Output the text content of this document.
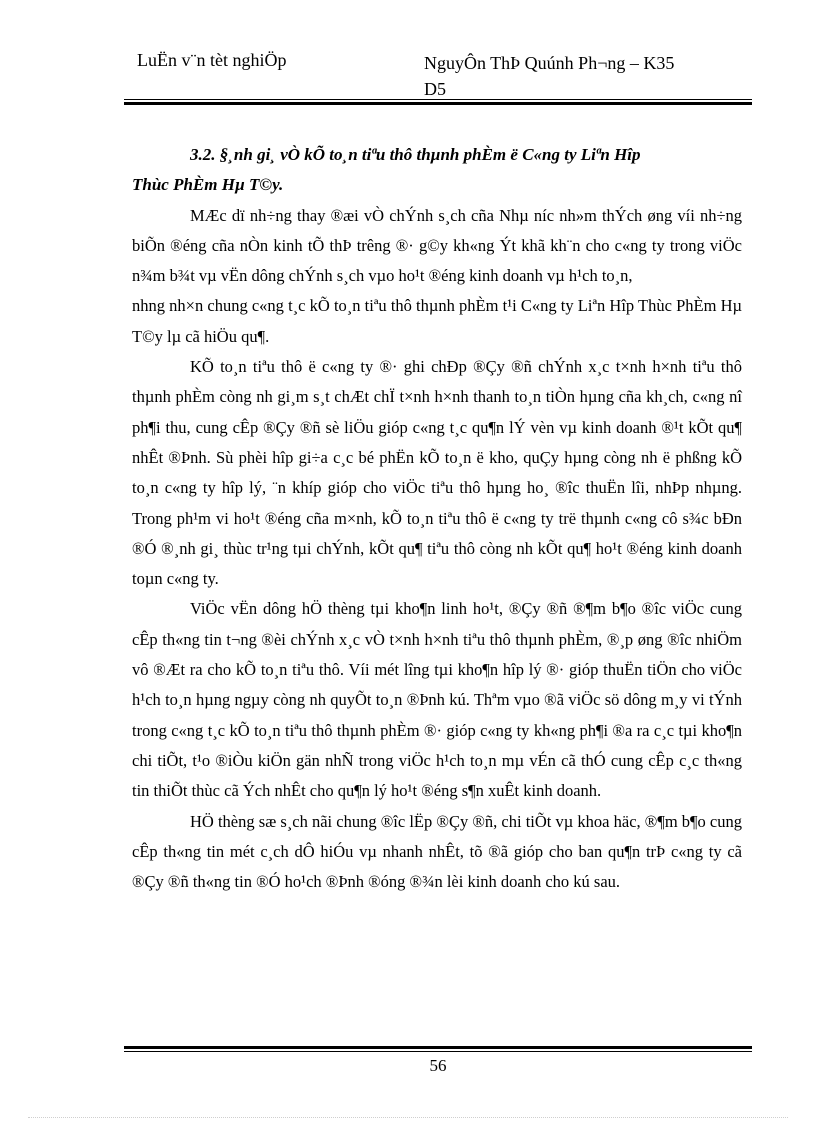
LuËn v¨n tèt nghiÖp	NguyÔn ThÞ Quúnh Ph¬ng – K35
D5

3.2. §¸nh gi¸ vÒ kÕ to¸n tiªu thô thµnh phÈm ë C«ng ty Liªn Hîp
Thùc PhÈm Hµ T©y.

MÆc dï nh÷ng thay ®æi vÒ chÝnh s¸ch cña Nhµ níc nh»m thÝch øng víi nh÷ng biÕn ®éng cña nÒn kinh tÕ thÞ trêng ®· g©y kh«ng Ýt khã kh¨n cho c«ng ty trong viÖc n¾m b¾t vµ vËn dông chÝnh s¸ch vµo ho¹t ®éng kinh doanh vµ h¹ch to¸n,

nhng nh×n chung c«ng t¸c kÕ to¸n tiªu thô thµnh phÈm t¹i C«ng ty Liªn Hîp Thùc PhÈm Hµ T©y lµ cã hiÖu qu¶.

KÕ to¸n tiªu thô ë c«ng ty ®· ghi chÐp ®Çy ®ñ chÝnh x¸c t×nh h×nh tiªu thô thµnh phÈm còng nh gi¸m s¸t chÆt chÏ t×nh h×nh thanh to¸n tiÒn hµng cña kh¸ch, c«ng nî ph¶i thu, cung cÊp ®Çy ®ñ sè liÖu gióp c«ng t¸c qu¶n lÝ vèn vµ kinh doanh ®¹t kÕt qu¶ nhÊt ®Þnh. Sù phèi hîp gi÷a c¸c bé phËn kÕ to¸n ë kho, quÇy hµng còng nh ë phßng kÕ to¸n c«ng ty hîp lý, ¨n khíp gióp cho viÖc tiªu thô hµng ho¸ ®îc thuËn lîi, nhÞp nhµng. Trong ph¹m vi ho¹t ®éng cña m×nh, kÕ to¸n tiªu thô ë c«ng ty trë thµnh c«ng cô s¾c bÐn ®Ó ®¸nh gi¸ thùc tr¹ng tµi chÝnh, kÕt qu¶ tiªu thô còng nh kÕt qu¶ ho¹t ®éng kinh doanh toµn c«ng ty.

ViÖc vËn dông hÖ thèng tµi kho¶n linh ho¹t, ®Çy ®ñ ®¶m b¶o ®îc viÖc cung cÊp th«ng tin t¬ng ®èi chÝnh x¸c vÒ t×nh h×nh tiªu thô thµnh phÈm, ®¸p øng ®îc nhiÖm vô ®Æt ra cho kÕ to¸n tiªu thô. Víi mét lîng tµi kho¶n hîp lý ®· gióp thuËn tiÖn cho viÖc h¹ch to¸n hµng ngµy còng nh quyÕt to¸n ®Þnh kú. Thªm vµo ®ã viÖc sö dông m¸y vi tÝnh trong c«ng t¸c kÕ to¸n tiªu thô thµnh phÈm ®· gióp c«ng ty kh«ng ph¶i ®a ra c¸c tµi kho¶n chi tiÕt, t¹o ®iÒu kiÖn gän nhÑ trong viÖc h¹ch to¸n mµ vÉn cã thÓ cung cÊp c¸c th«ng tin thiÕt thùc cã Ých nhÊt cho qu¶n lý ho¹t ®éng s¶n xuÊt kinh doanh.

HÖ thèng sæ s¸ch nãi chung ®îc lËp ®Çy ®ñ, chi tiÕt vµ khoa häc, ®¶m b¶o cung cÊp th«ng tin mét c¸ch dÔ hiÓu vµ nhanh nhÊt, tõ ®ã gióp cho ban qu¶n trÞ c«ng ty cã ®Çy ®ñ th«ng tin ®Ó ho¹ch ®Þnh ®óng ®¾n lèi kinh doanh cho kú sau.

56
